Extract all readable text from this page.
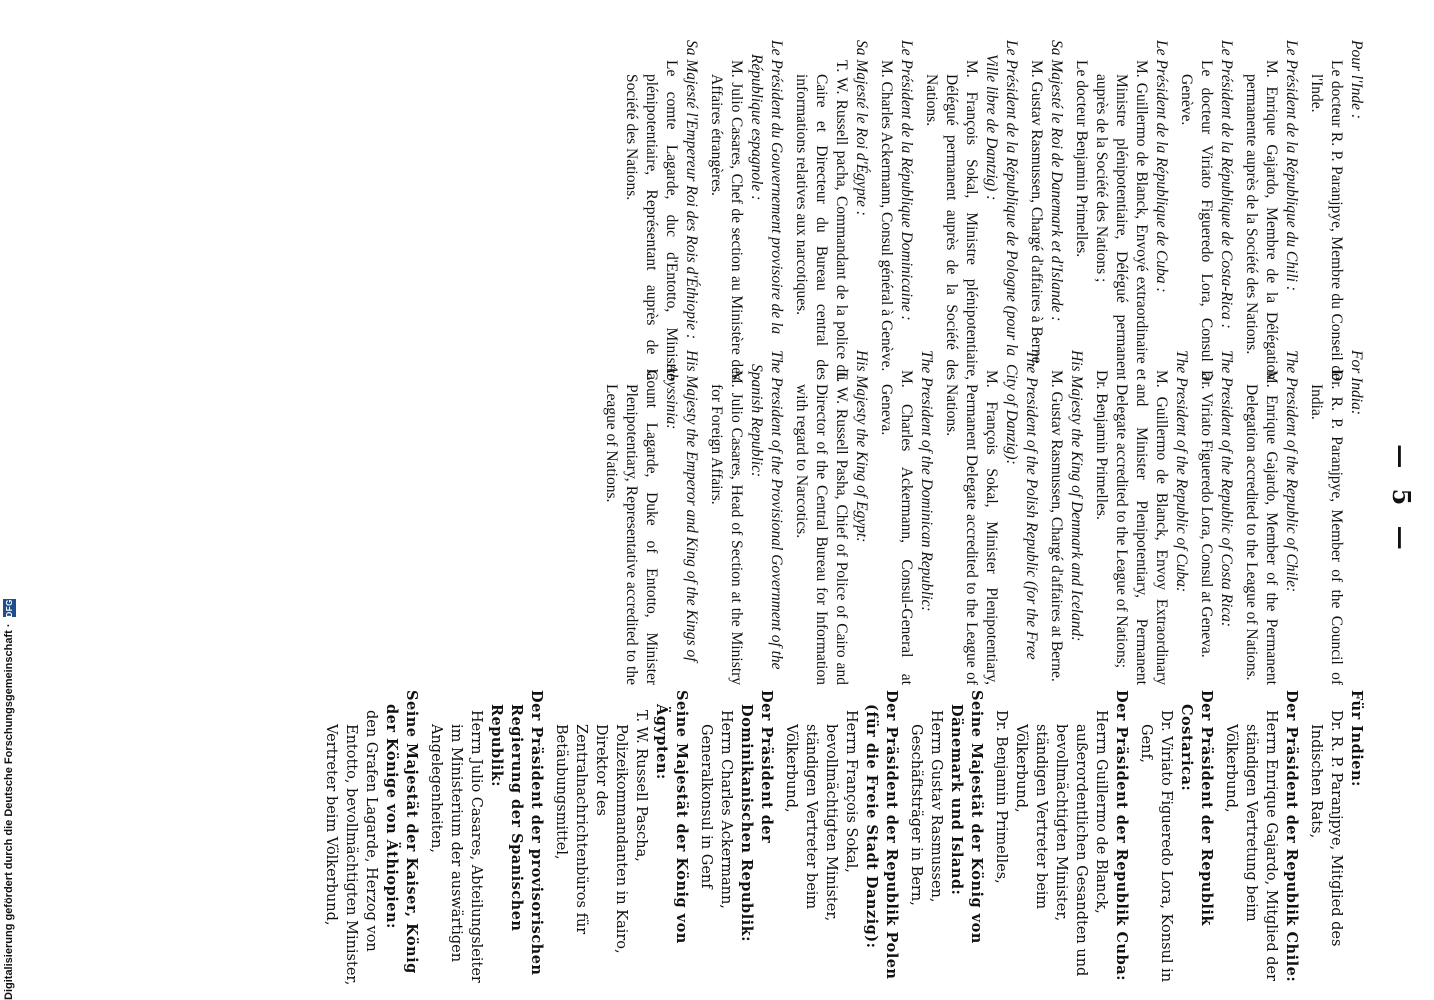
— 5 —
Pour l'Inde :
Le docteur R. P. Paranjpye, Membre du Conseil de l'Inde.
Le Président de la République du Chili :
M. Enrique Gajardo, Membre de la Délégation permanente auprès de la Société des Nations.
Le Président de la République de Costa-Rica :
Le docteur Viriato Figueredo Lora, Consul à Genève.
Le Président de la République de Cuba :
M. Guillermo de Blanck, Envoyé extraordinaire et Ministre plénipotentiaire, Délégué permanent auprès de la Société des Nations ;
Le docteur Benjamin Primelles.
Sa Majesté le Roi de Danemark et d'Islande :
M. Gustav Rasmussen, Chargé d'affaires à Berne.
Le Président de la République de Pologne (pour la Ville libre de Dantzig) :
M. François Sokal, Ministre plénipotentiaire, Délégué permanent auprès de la Société des Nations.
Le Président de la République Dominicaine :
M. Charles Ackermann, Consul général à Genève.
Sa Majesté le Roi d'Égypte :
T. W. Russell pacha, Commandant de la police du Caire et Directeur du Bureau central des informations relatives aux narcotiques.
Le Président du Gouvernement provisoire de la République espagnole :
M. Julio Casares, Chef de section au Ministère des Affaires étrangères.
Sa Majesté l'Empereur Roi des Rois d'Éthiopie :
Le comte Lagarde, duc d'Entotto, Ministre plénipotentiaire, Représentant auprès de la Société des Nations.
For India:
Dr. R. P. Paranjpye, Member of the Council of India.
The President of the Republic of Chile:
M. Enrique Gajardo, Member of the Permanent Delegation accredited to the League of Nations.
The President of the Republic of Costa Rica:
Dr. Viriato Figueredo Lora, Consul at Geneva.
The President of the Republic of Cuba:
M. Guillermo de Blanck, Envoy Extraordinary and Minister Plenipotentiary, Permanent Delegate accredited to the League of Nations;
Dr. Benjamin Primelles.
His Majesty the King of Denmark and Iceland:
M. Gustav Rasmussen, Chargé d'affaires at Berne.
The President of the Polish Republic (for the Free City of Danzig):
M. François Sokal, Minister Plenipotentiary, Permanent Delegate accredited to the League of Nations.
The President of the Dominican Republic:
M. Charles Ackermann, Consul-General at Geneva.
His Majesty the King of Egypt:
T. W. Russell Pasha, Chief of Police of Cairo and Director of the Central Bureau for Information with regard to Narcotics.
The President of the Provisional Government of the Spanish Republic:
M. Julio Casares, Head of Section at the Ministry for Foreign Affairs.
His Majesty the Emperor and King of the Kings of Abyssinia:
Count Lagarde, Duke of Entotto, Minister Plenipotentiary, Representative accredited to the League of Nations.
Für Indien:
Dr. R. P. Paranjpye, Mitglied des Indischen Rats,
Der Präsident der Republik Chile:
Herrn Enrique Gajardo, Mitglied der ständigen Vertretung beim Völkerbund,
Der Präsident der Republik Costarica:
Dr. Viriato Figueredo Lora, Konsul in Genf,
Der Präsident der Republik Cuba:
Herrn Guillermo de Blanck, außerordentlichen Gesandten und bevollmächtigten Minister, ständigen Vertreter beim Völkerbund,
Dr. Benjamin Primelles,
Seine Majestät der König von Dänemark und Island:
Herrn Gustav Rasmussen, Geschäftsträger in Bern,
Der Präsident der Republik Polen (für die Freie Stadt Danzig):
Herrn François Sokal, bevollmächtigten Minister, ständigen Vertreter beim Völkerbund,
Der Präsident der Dominikanischen Republik:
Herrn Charles Ackermann, Generalkonsul in Genf
Seine Majestät der König von Ägypten:
T. W. Russell Pascha, Polizeikommandanten in Kairo, Direktor des Zentralnachrichtenbüros für Betäubungsmittel,
Der Präsident der provisorischen Regierung der Spanischen Republik:
Herrn Julio Casares, Abteilungsleiter im Ministerium der auswärtigen Angelegenheiten,
Seine Majestät der Kaiser, König der Könige von Äthiopien:
den Grafen Lagarde, Herzog von Entotto, bevollmächtigten Minister, Vertreter beim Völkerbund,
Digitalisierung gefördert durch die Deutsche Forschungsgemeinschaft ·
DFG
